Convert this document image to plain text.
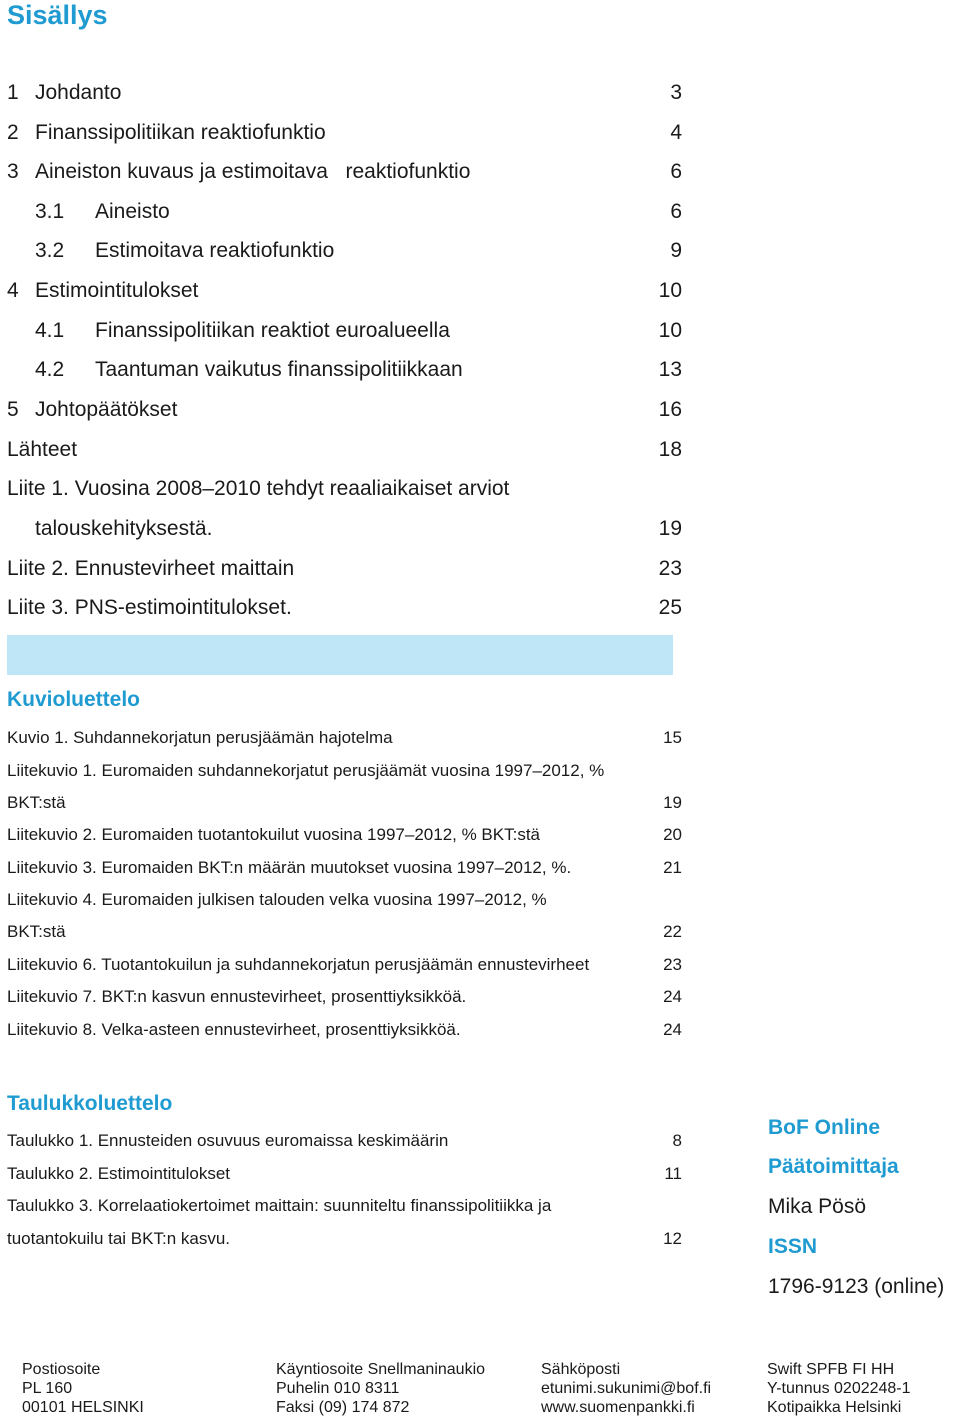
Sisällys
1 Johdanto	3
2 Finanssipolitiikan reaktiofunktio	4
3 Aineiston kuvaus ja estimoitava   reaktiofunktio	6
3.1 Aineisto	6
3.2 Estimoitava reaktiofunktio	9
4 Estimointitulokset	10
4.1 Finanssipolitiikan reaktiot euroalueella	10
4.2 Taantuman vaikutus finanssipolitiikkaan	13
5 Johtopäätökset	16
Lähteet	18
Liite 1. Vuosina 2008–2010 tehdyt reaaliaikaiset arviot
talouskehityksestä.	19
Liite 2. Ennustevirheet maittain	23
Liite 3. PNS-estimointitulokset.	25
Kuvioluettelo
Kuvio 1. Suhdannekorjatun perusjäämän hajotelma	15
Liitekuvio 1. Euromaiden suhdannekorjatut perusjäämät vuosina 1997–2012, %
BKT:stä	19
Liitekuvio 2. Euromaiden tuotantokuilut vuosina 1997–2012, % BKT:stä	20
Liitekuvio 3. Euromaiden BKT:n määrän muutokset vuosina 1997–2012, %.	21
Liitekuvio 4. Euromaiden julkisen talouden velka vuosina 1997–2012, %
BKT:stä	22
Liitekuvio 6. Tuotantokuilun ja suhdannekorjatun perusjäämän ennustevirheet	23
Liitekuvio 7. BKT:n kasvun ennustevirheet, prosenttiyksikköä.	24
Liitekuvio 8. Velka-asteen ennustevirheet, prosenttiyksikköä.	24
Taulukkoluettelo
Taulukko 1. Ennusteiden osuvuus euromaissa keskimäärin	8
Taulukko 2. Estimointitulokset	11
Taulukko 3. Korrelaatiokertoimet maittain: suunniteltu finanssipolitiikka ja
tuotantokuilu tai BKT:n kasvu.	12
BoF Online
Päätoimittaja
Mika Pösö
ISSN
1796-9123 (online)
Postiosoite
PL 160
00101 HELSINKI
Käyntiosoite Snellmaninaukio
Puhelin 010 8311
Faksi (09) 174 872
Sähköposti
etunimi.sukunimi@bof.fi
www.suomenpankki.fi
Swift SPFB FI HH
Y-tunnus 0202248-1
Kotipaikka Helsinki
